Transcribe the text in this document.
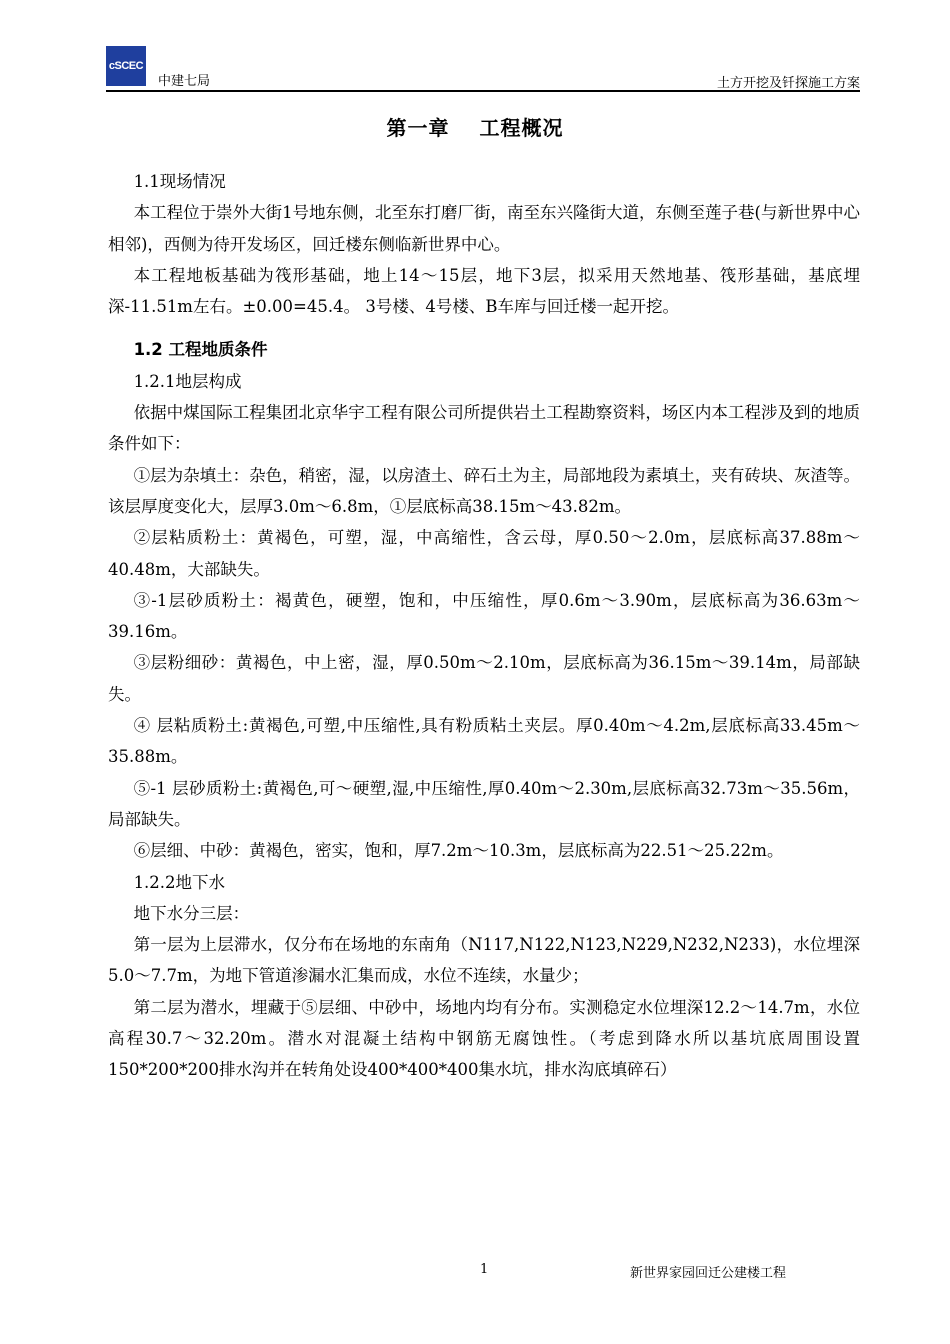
cSCEC
中建七局	土方开挖及钎探施工方案
第一章 工程概况

1.1现场情况

本工程位于崇外大街1号地东侧，北至东打磨厂街，南至东兴隆街大道，东侧至莲子巷(与新世界中心相邻)，西侧为待开发场区，回迁楼东侧临新世界中心。

本工程地板基础为筏形基础，地上14～15层，地下3层，拟采用天然地基、筏形基础，基底埋深-11.51m左右。±0.00=45.4。 3号楼、4号楼、B车库与回迁楼一起开挖。

1.2 工程地质条件

1.2.1地层构成

依据中煤国际工程集团北京华宇工程有限公司所提供岩土工程勘察资料，场区内本工程涉及到的地质条件如下：

①层为杂填土：杂色，稍密，湿，以房渣土、碎石土为主，局部地段为素填土，夹有砖块、灰渣等。该层厚度变化大，层厚3.0m～6.8m，①层底标高38.15m～43.82m。

②层粘质粉土：黄褐色，可塑，湿，中高缩性，含云母，厚0.50～2.0m，层底标高37.88m～40.48m，大部缺失。

③-1层砂质粉土：褐黄色，硬塑，饱和，中压缩性，厚0.6m～3.90m，层底标高为36.63m～39.16m。

③层粉细砂：黄褐色，中上密，湿，厚0.50m～2.10m，层底标高为36.15m～39.14m，局部缺失。

④ 层粘质粉土:黄褐色,可塑,中压缩性,具有粉质粘土夹层。厚0.40m～4.2m,层底标高33.45m～35.88m。

⑤-1 层砂质粉土:黄褐色,可～硬塑,湿,中压缩性,厚0.40m～2.30m,层底标高32.73m～35.56m，局部缺失。

⑥层细、中砂：黄褐色，密实，饱和，厚7.2m～10.3m，层底标高为22.51～25.22m。

1.2.2地下水

地下水分三层：

第一层为上层滞水，仅分布在场地的东南角（N117,N122,N123,N229,N232,N233)，水位埋深5.0～7.7m，为地下管道渗漏水汇集而成，水位不连续，水量少；

第二层为潜水，埋藏于⑤层细、中砂中，场地内均有分布。实测稳定水位埋深12.2～14.7m，水位高程30.7～32.20m。潜水对混凝土结构中钢筋无腐蚀性。（考虑到降水所以基坑底周围设置150*200*200排水沟并在转角处设400*400*400集水坑，排水沟底填碎石）

1	新世界家园回迁公建楼工程
